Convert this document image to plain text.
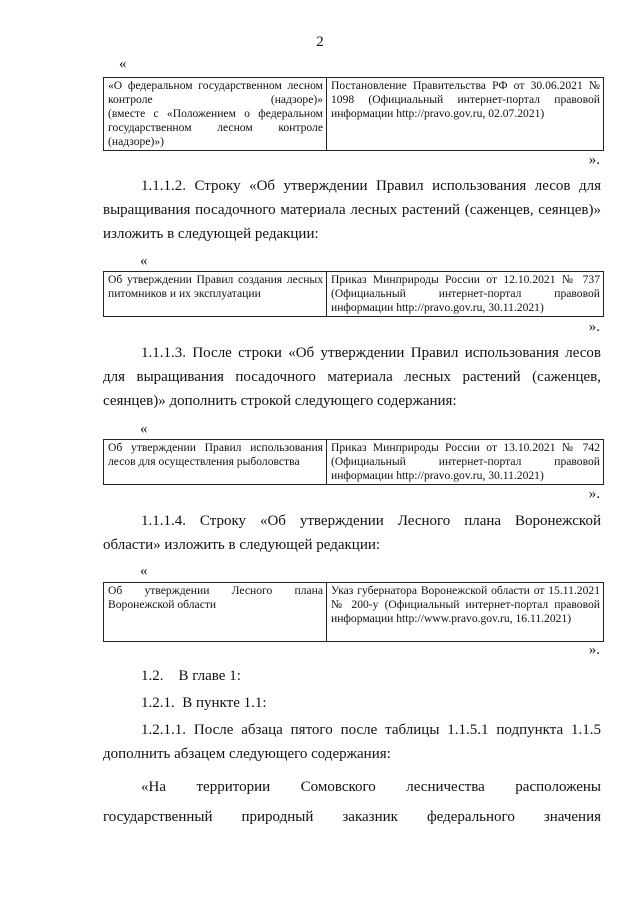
2
«
«О федеральном государственном лесном контроле (надзоре)»
(вместе с «Положением о федеральном государственном лесном контроле (надзоре)»)
	Постановление Правительства РФ от 30.06.2021 № 1098 (Официальный интернет-портал правовой информации http://pravo.gov.ru, 02.07.2021)
».

1.1.1.2. Строку «Об утверждении Правил использования лесов для выращивания посадочного материала лесных растений (саженцев, сеянцев)» изложить в следующей редакции:

«
Об утверждении Правил создания лесных питомников и их эксплуатации	Приказ Минприроды России от 12.10.2021 № 737 (Официальный интернет-портал правовой информации http://pravo.gov.ru, 30.11.2021)
».

1.1.1.3. После строки «Об утверждении Правил использования лесов для выращивания посадочного материала лесных растений (саженцев, сеянцев)» дополнить строкой следующего содержания:

«
Об утверждении Правил использования лесов для осуществления рыболовства	Приказ Минприроды России от 13.10.2021 № 742 (Официальный интернет-портал правовой информации http://pravo.gov.ru, 30.11.2021)
».

1.1.1.4. Строку «Об утверждении Лесного плана Воронежской области» изложить в следующей редакции:

«
Об утверждении Лесного плана Воронежской области	Указ губернатора Воронежской области от 15.11.2021 № 200-у (Официальный интернет-портал правовой информации http://www.pravo.gov.ru, 16.11.2021)
».

1.2.    В главе 1:

1.2.1.  В пункте 1.1:

1.2.1.1. После абзаца пятого после таблицы 1.1.5.1 подпункта 1.1.5 дополнить абзацем следующего содержания:

«На территории Сомовского лесничества расположены государственный природный заказник федерального значения
